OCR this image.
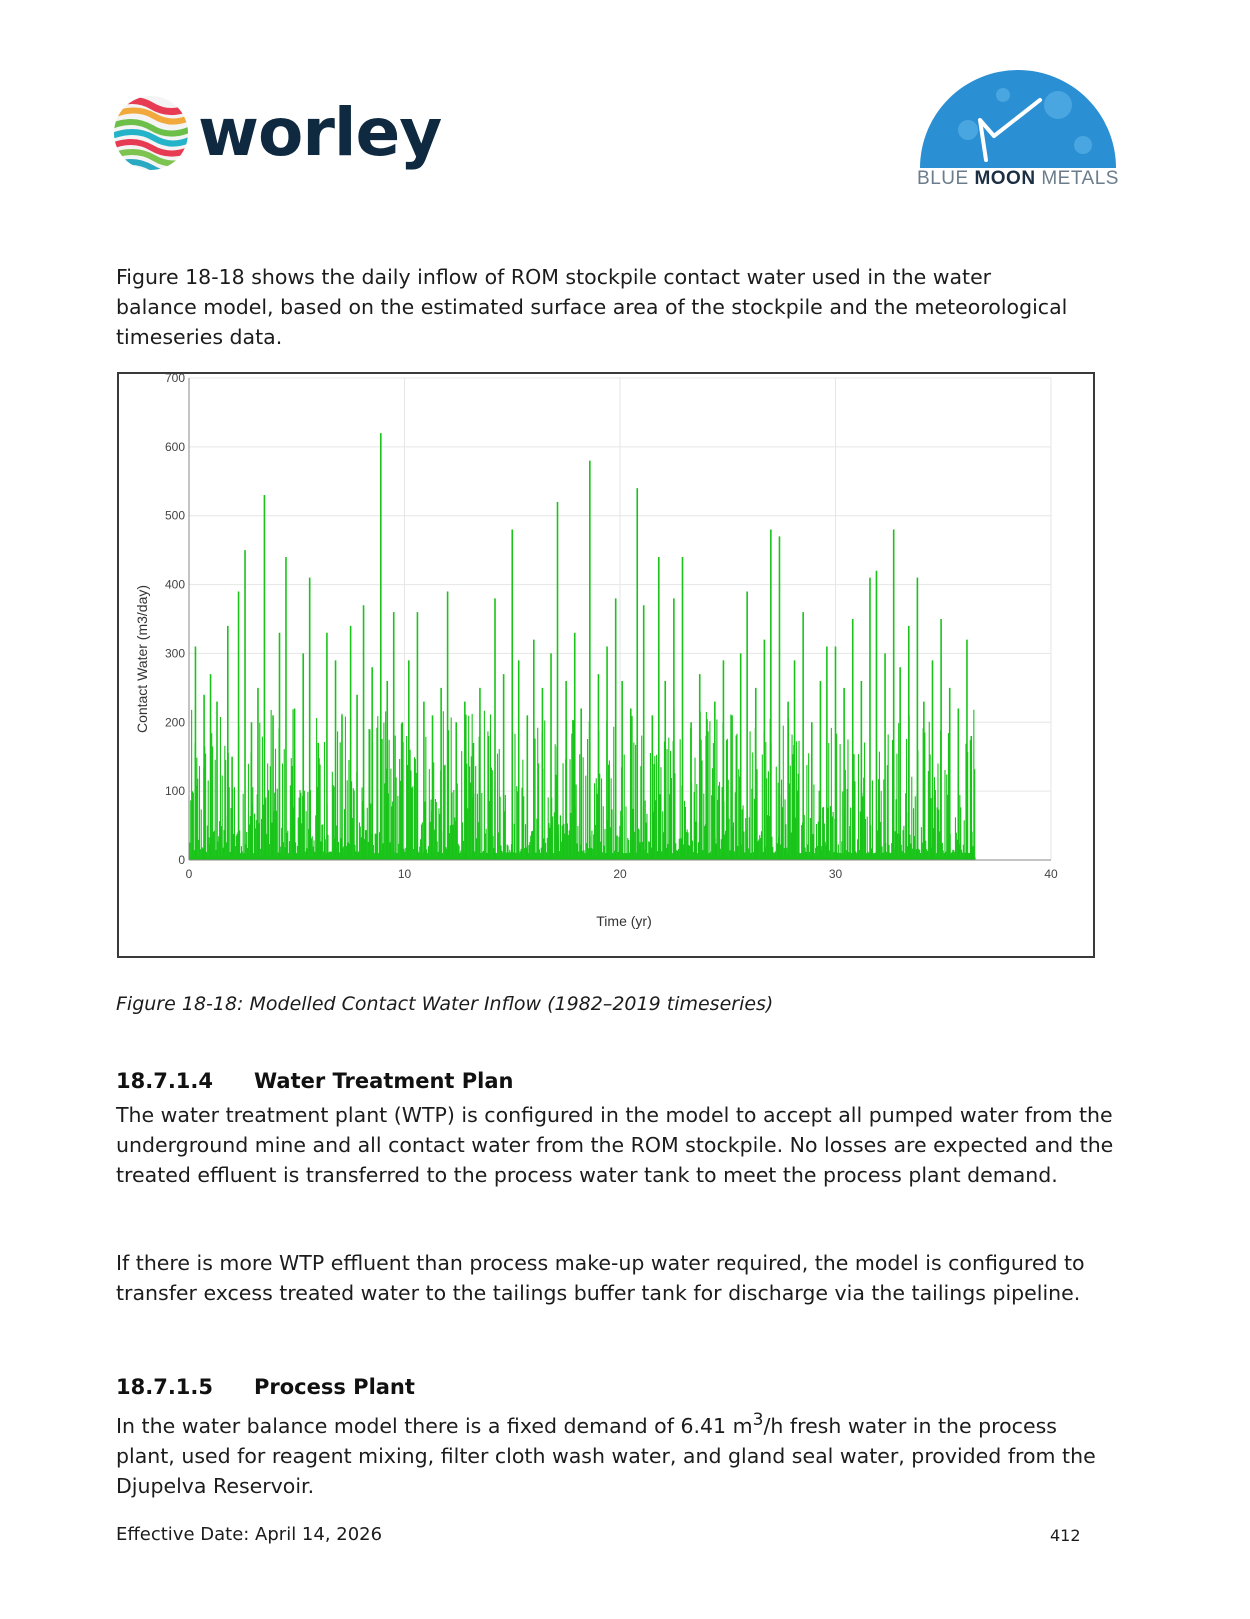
worley
BLUE MOON METALS
Figure 18-18 shows the daily inflow of ROM stockpile contact water used in the water balance model, based on the estimated surface area of the stockpile and the meteorological timeseries data.
0
100
200
300
400
500
600
700
0	10	20	30	40
Time (yr)
Contact Water (m3/day)
Figure 18-18: Modelled Contact Water Inflow (1982–2019 timeseries)
18.7.1.4 Water Treatment Plan
The water treatment plant (WTP) is configured in the model to accept all pumped water from the underground mine and all contact water from the ROM stockpile. No losses are expected and the treated effluent is transferred to the process water tank to meet the process plant demand.
If there is more WTP effluent than process make-up water required, the model is configured to transfer excess treated water to the tailings buffer tank for discharge via the tailings pipeline.
18.7.1.5 Process Plant
In the water balance model there is a fixed demand of 6.41 $m^3/h$ fresh water in the process plant, used for reagent mixing, filter cloth wash water, and gland seal water, provided from the Djupelva Reservoir.
Effective Date: April 14, 2026	412
